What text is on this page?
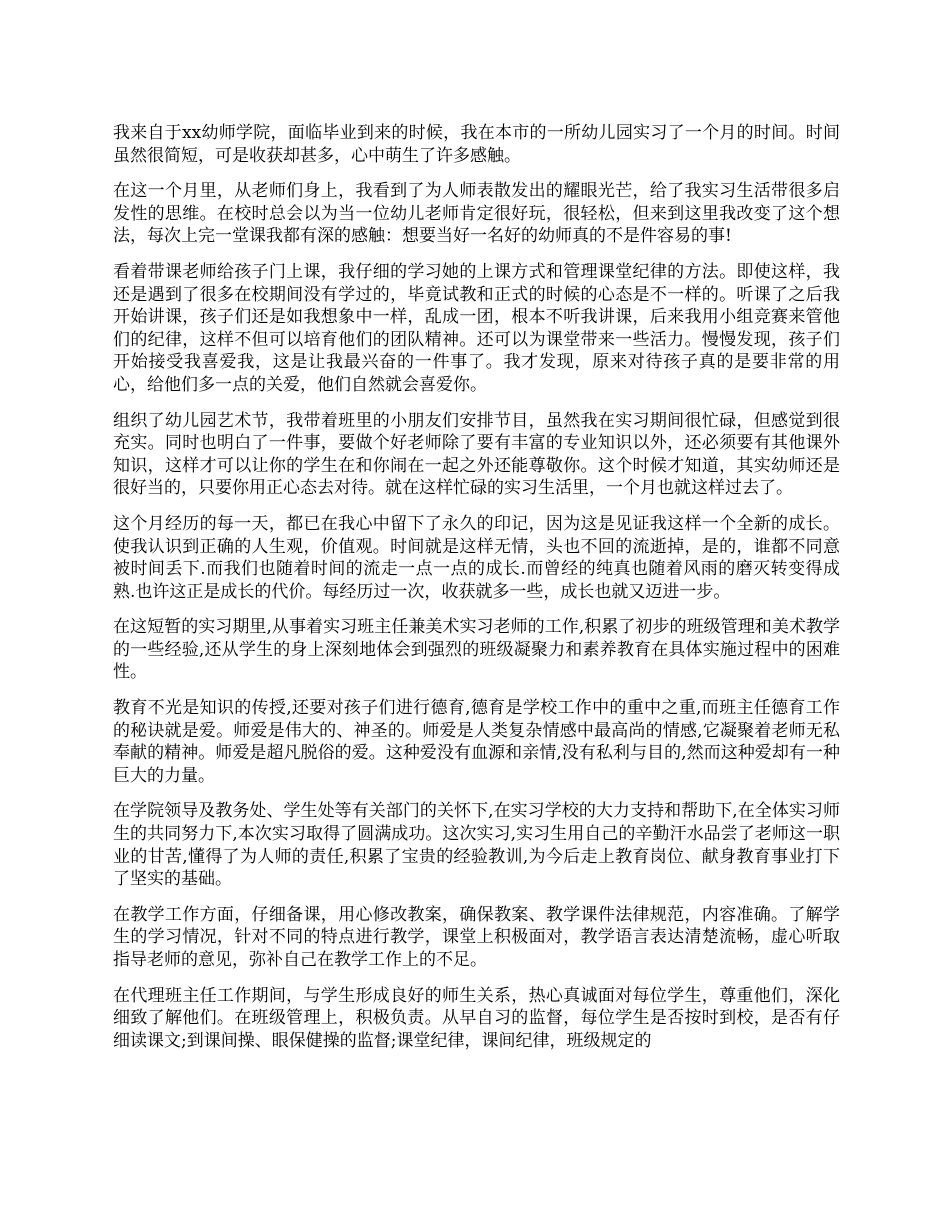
我来自于xx幼师学院，面临毕业到来的时候，我在本市的一所幼儿园实习了一个月的时间。时间虽然很简短，可是收获却甚多，心中萌生了许多感触。

在这一个月里，从老师们身上，我看到了为人师表散发出的耀眼光芒，给了我实习生活带很多启发性的思维。在校时总会以为当一位幼儿老师肯定很好玩，很轻松，但来到这里我改变了这个想法，每次上完一堂课我都有深的感触：想要当好一名好的幼师真的不是件容易的事!

看着带课老师给孩子门上课，我仔细的学习她的上课方式和管理课堂纪律的方法。即使这样，我还是遇到了很多在校期间没有学过的，毕竟试教和正式的时候的心态是不一样的。听课了之后我开始讲课，孩子们还是如我想象中一样，乱成一团，根本不听我讲课，后来我用小组竞赛来管他们的纪律，这样不但可以培育他们的团队精神。还可以为课堂带来一些活力。慢慢发现，孩子们开始接受我喜爱我，这是让我最兴奋的一件事了。我才发现，原来对待孩子真的是要非常的用心，给他们多一点的关爱，他们自然就会喜爱你。

组织了幼儿园艺术节，我带着班里的小朋友们安排节目，虽然我在实习期间很忙碌，但感觉到很充实。同时也明白了一件事，要做个好老师除了要有丰富的专业知识以外，还必须要有其他课外知识，这样才可以让你的学生在和你闹在一起之外还能尊敬你。这个时候才知道，其实幼师还是很好当的，只要你用正心态去对待。就在这样忙碌的实习生活里，一个月也就这样过去了。

这个月经历的每一天，都已在我心中留下了永久的印记，因为这是见证我这样一个全新的成长。使我认识到正确的人生观，价值观。时间就是这样无情，头也不回的流逝掉，是的，谁都不同意被时间丢下.而我们也随着时间的流走一点一点的成长.而曾经的纯真也随着风雨的磨灭转变得成熟.也许这正是成长的代价。每经历过一次，收获就多一些，成长也就又迈进一步。

在这短暂的实习期里,从事着实习班主任兼美术实习老师的工作,积累了初步的班级管理和美术教学的一些经验,还从学生的身上深刻地体会到强烈的班级凝聚力和素养教育在具体实施过程中的困难性。

教育不光是知识的传授,还要对孩子们进行德育,德育是学校工作中的重中之重,而班主任德育工作的秘诀就是爱。师爱是伟大的、神圣的。师爱是人类复杂情感中最高尚的情感,它凝聚着老师无私奉献的精神。师爱是超凡脱俗的爱。这种爱没有血源和亲情,没有私利与目的,然而这种爱却有一种巨大的力量。

在学院领导及教务处、学生处等有关部门的关怀下,在实习学校的大力支持和帮助下,在全体实习师生的共同努力下,本次实习取得了圆满成功。这次实习,实习生用自己的辛勤汗水品尝了老师这一职业的甘苦,懂得了为人师的责任,积累了宝贵的经验教训,为今后走上教育岗位、献身教育事业打下了坚实的基础。

在教学工作方面，仔细备课，用心修改教案，确保教案、教学课件法律规范，内容准确。了解学生的学习情况，针对不同的特点进行教学，课堂上积极面对，教学语言表达清楚流畅，虚心听取指导老师的意见，弥补自己在教学工作上的不足。

在代理班主任工作期间，与学生形成良好的师生关系，热心真诚面对每位学生，尊重他们，深化细致了解他们。在班级管理上，积极负责。从早自习的监督，每位学生是否按时到校，是否有仔细读课文;到课间操、眼保健操的监督;课堂纪律，课间纪律，班级规定的
